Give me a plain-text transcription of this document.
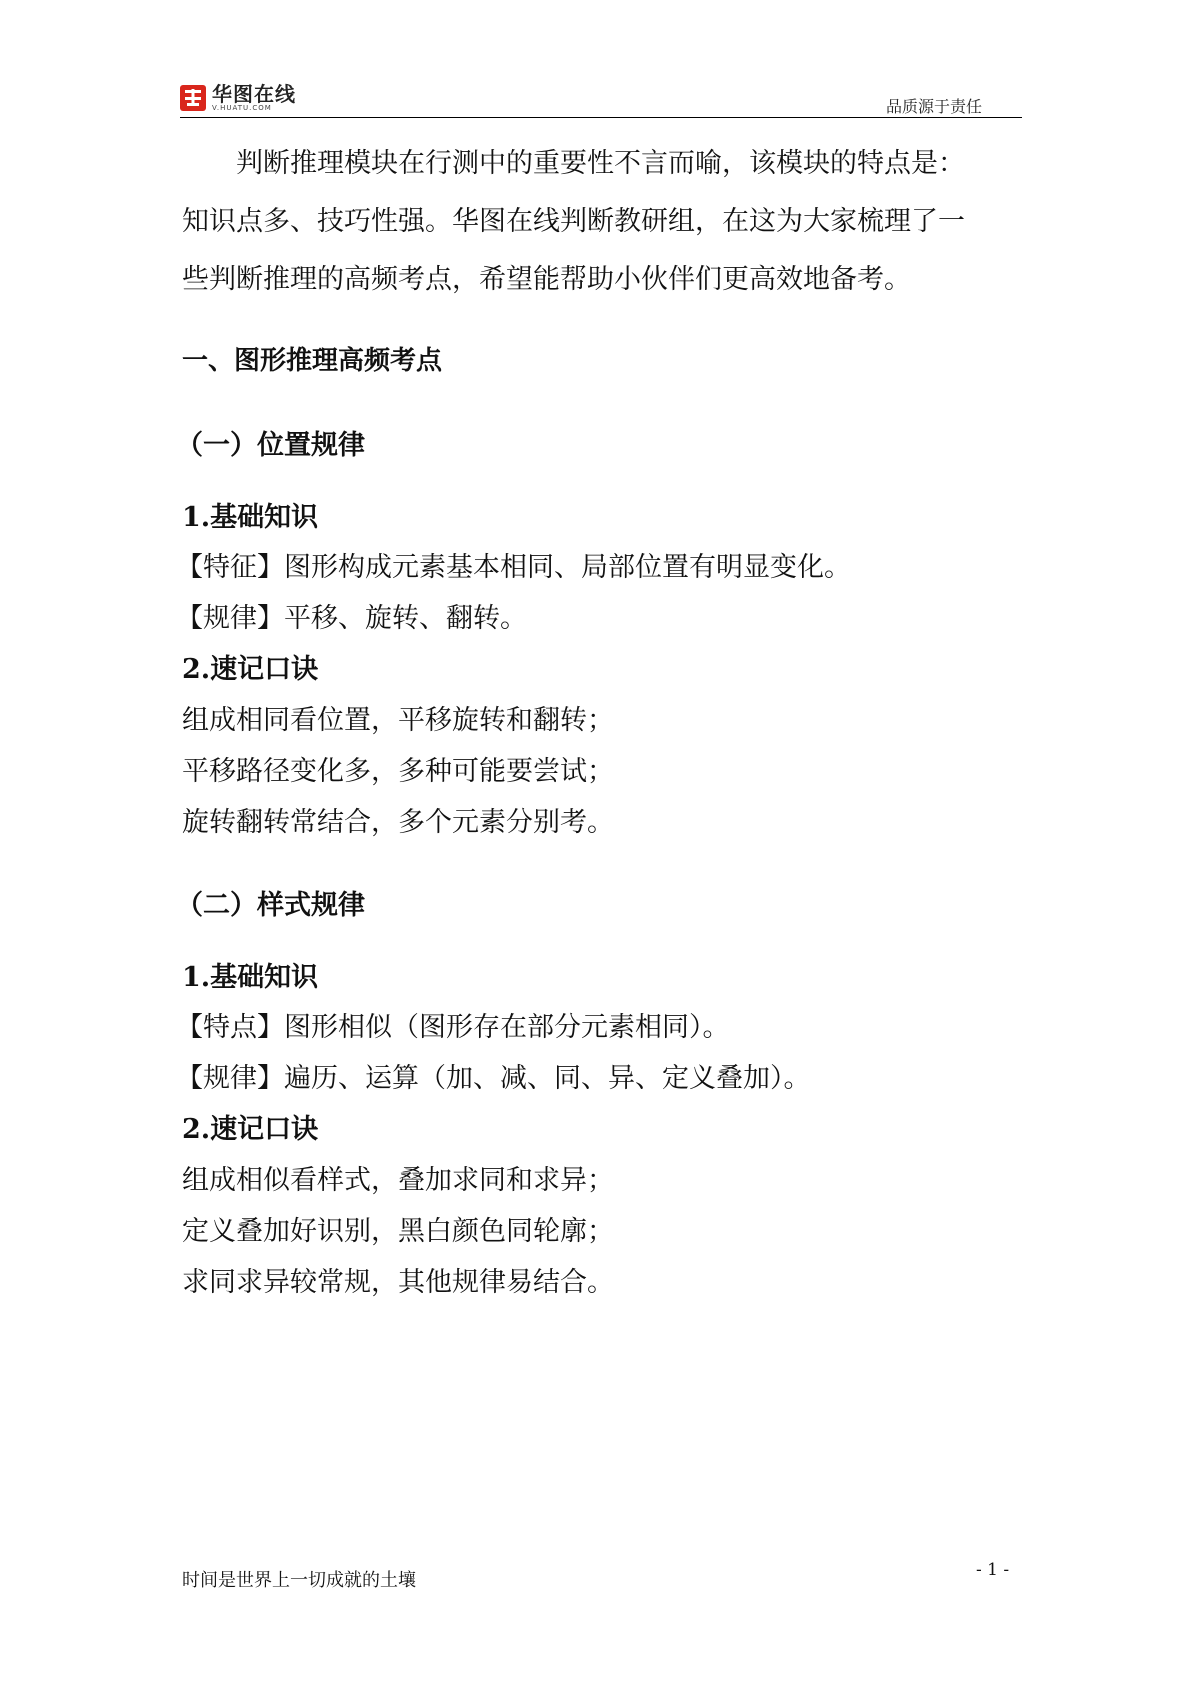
华图在线
V.HUATU.COM	品质源于责任
判断推理模块在行测中的重要性不言而喻，该模块的特点是：
知识点多、技巧性强。华图在线判断教研组，在这为大家梳理了一
些判断推理的高频考点，希望能帮助小伙伴们更高效地备考。
一、图形推理高频考点
（一）位置规律
1.基础知识
【特征】图形构成元素基本相同、局部位置有明显变化。
【规律】平移、旋转、翻转。
2.速记口诀
组成相同看位置，平移旋转和翻转；
平移路径变化多，多种可能要尝试；
旋转翻转常结合，多个元素分别考。
（二）样式规律
1.基础知识
【特点】图形相似（图形存在部分元素相同）。
【规律】遍历、运算（加、减、同、异、定义叠加）。
2.速记口诀
组成相似看样式，叠加求同和求异；
定义叠加好识别，黑白颜色同轮廓；
求同求异较常规，其他规律易结合。
时间是世界上一切成就的土壤	- 1 -
